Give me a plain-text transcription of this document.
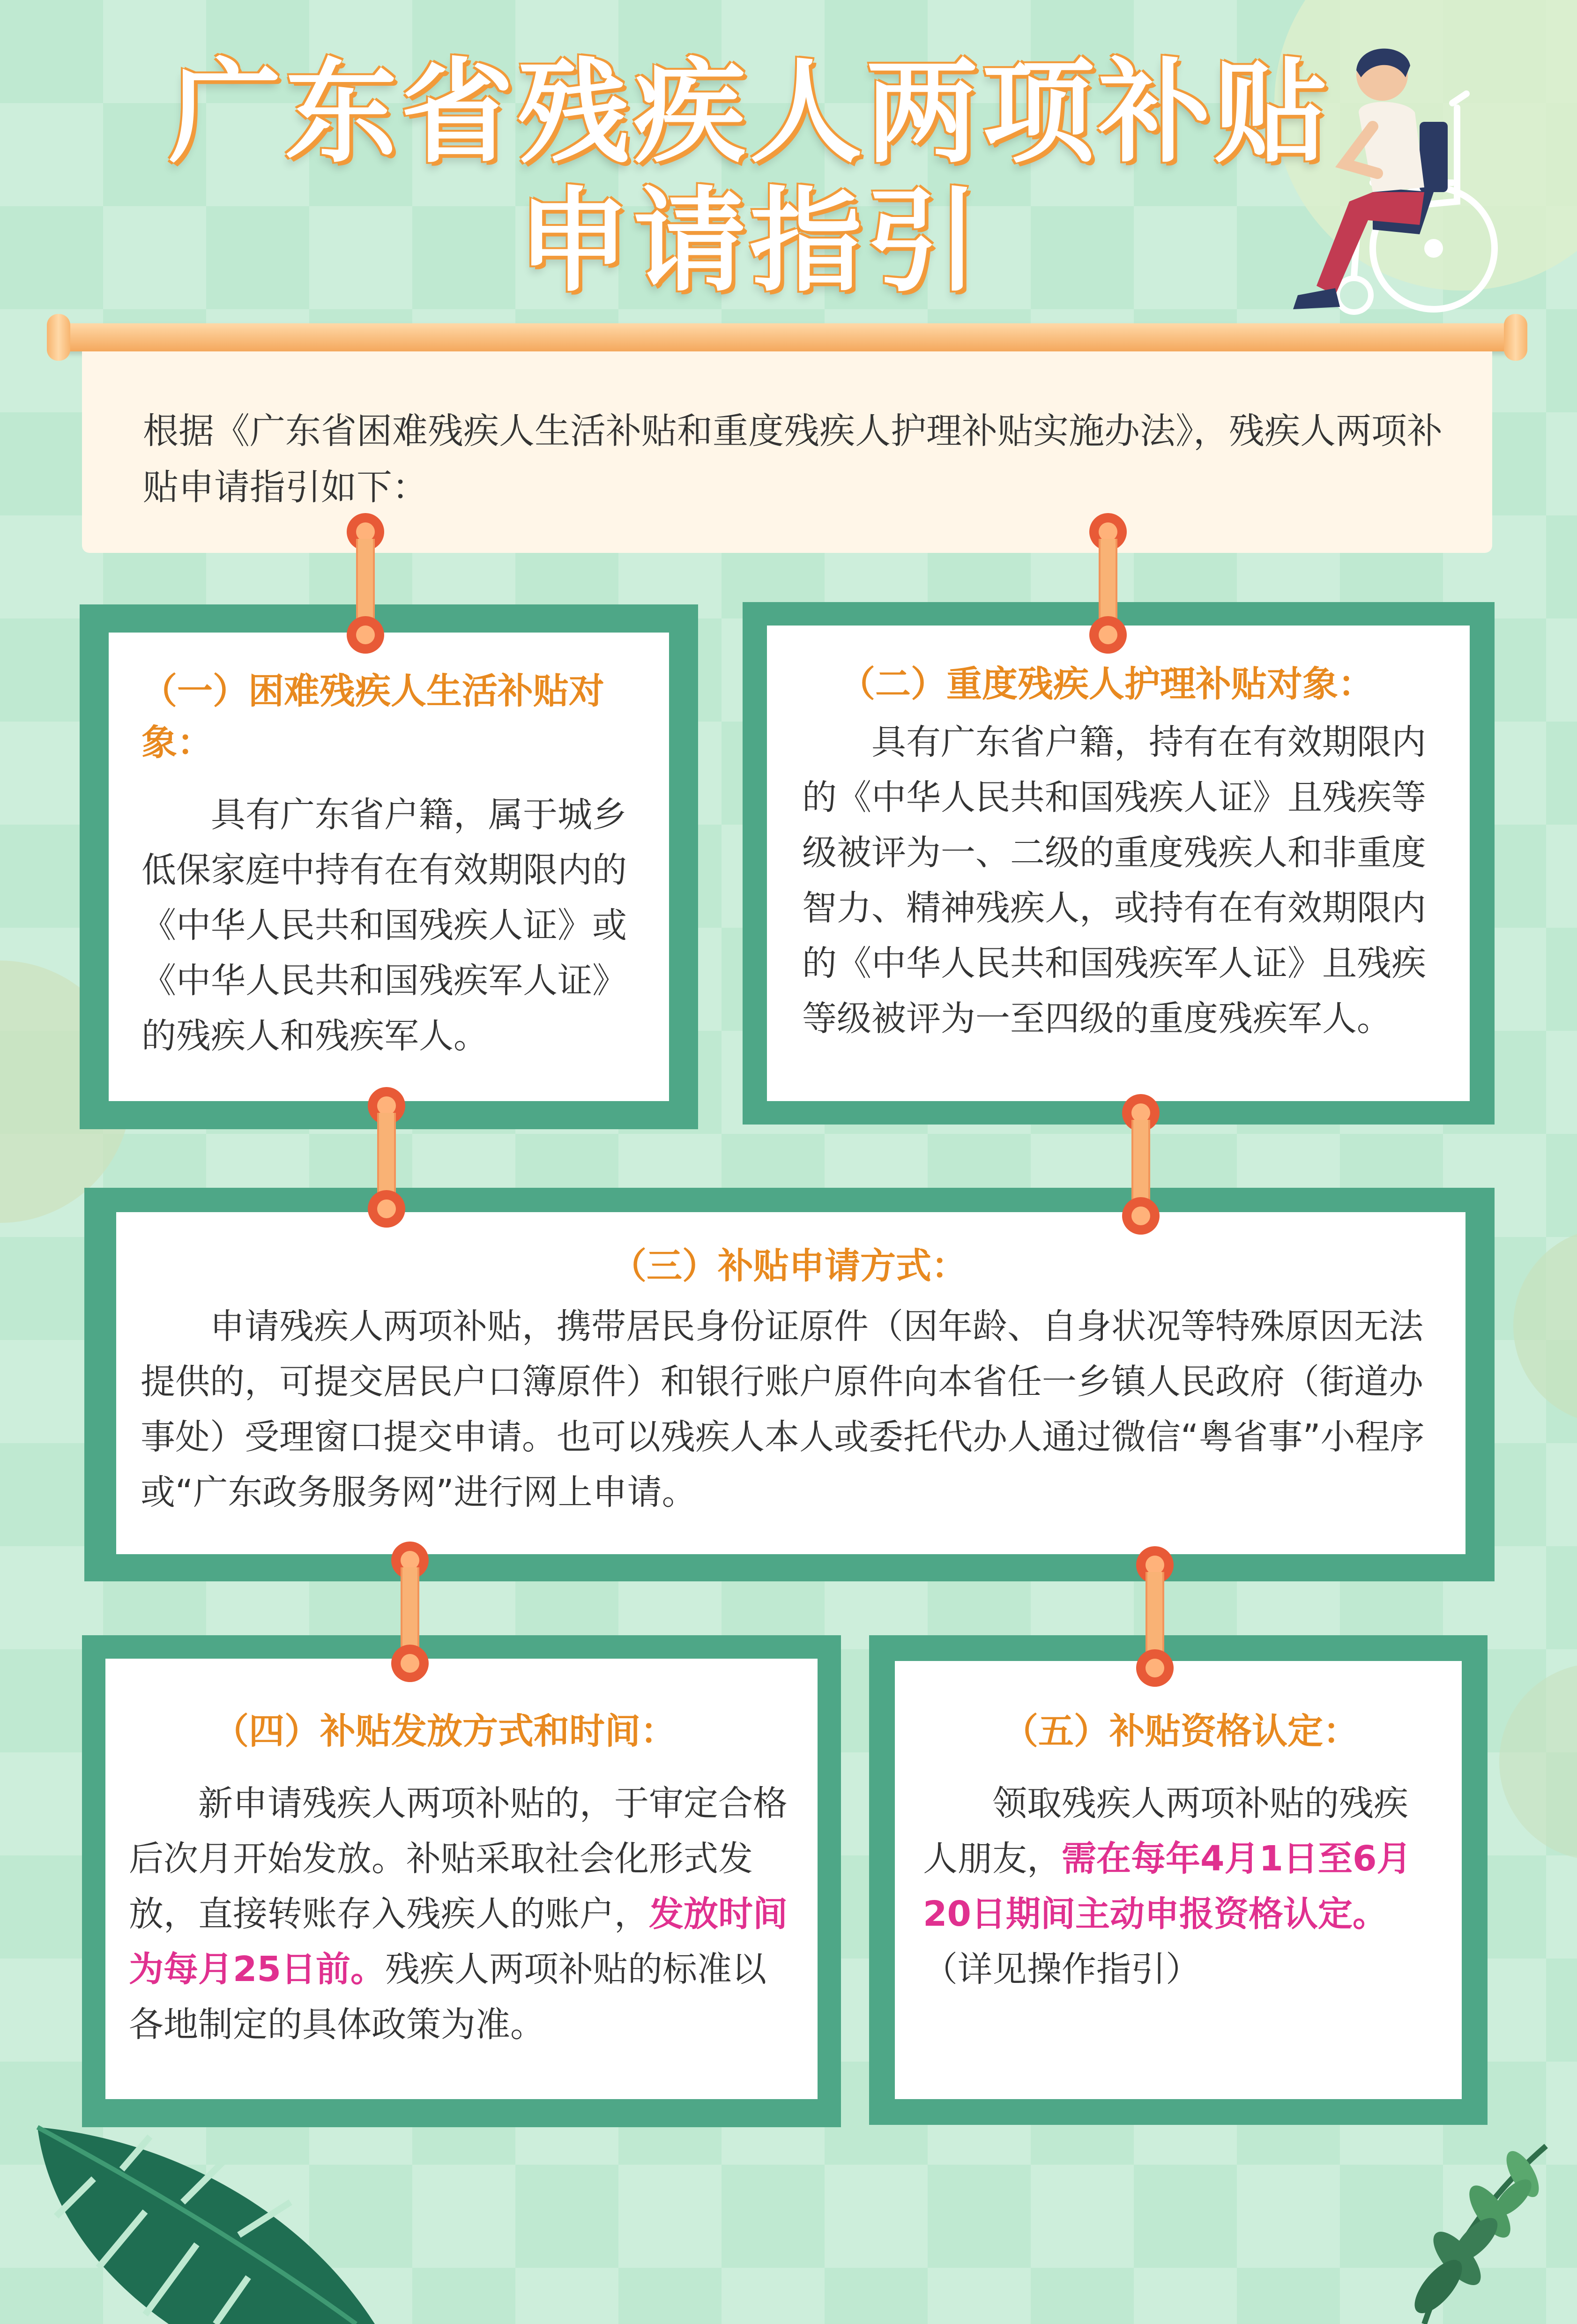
广东省残疾人两项补贴
申请指引

根据《广东省困难残疾人生活补贴和重度残疾人护理补贴实施办法》，残疾人两项补贴申请指引如下：

（一）困难残疾人生活补贴对象：

具有广东省户籍，属于城乡低保家庭中持有在有效期限内的《中华人民共和国残疾人证》或《中华人民共和国残疾军人证》的残疾人和残疾军人。

（二）重度残疾人护理补贴对象：

具有广东省户籍，持有在有效期限内的《中华人民共和国残疾人证》且残疾等级被评为一、二级的重度残疾人和非重度智力、精神残疾人，或持有在有效期限内的《中华人民共和国残疾军人证》且残疾等级被评为一至四级的重度残疾军人。

（三）补贴申请方式：

申请残疾人两项补贴，携带居民身份证原件（因年龄、自身状况等特殊原因无法提供的，可提交居民户口簿原件）和银行账户原件向本省任一乡镇人民政府（街道办事处）受理窗口提交申请。也可以残疾人本人或委托代办人通过微信“粤省事”小程序或“广东政务服务网”进行网上申请。

（四）补贴发放方式和时间：

新申请残疾人两项补贴的，于审定合格后次月开始发放。补贴采取社会化形式发放，直接转账存入残疾人的账户，发放时间为每月25日前。残疾人两项补贴的标准以各地制定的具体政策为准。

（五）补贴资格认定：

领取残疾人两项补贴的残疾人朋友，需在每年4月1日至6月20日期间主动申报资格认定。（详见操作指引）
